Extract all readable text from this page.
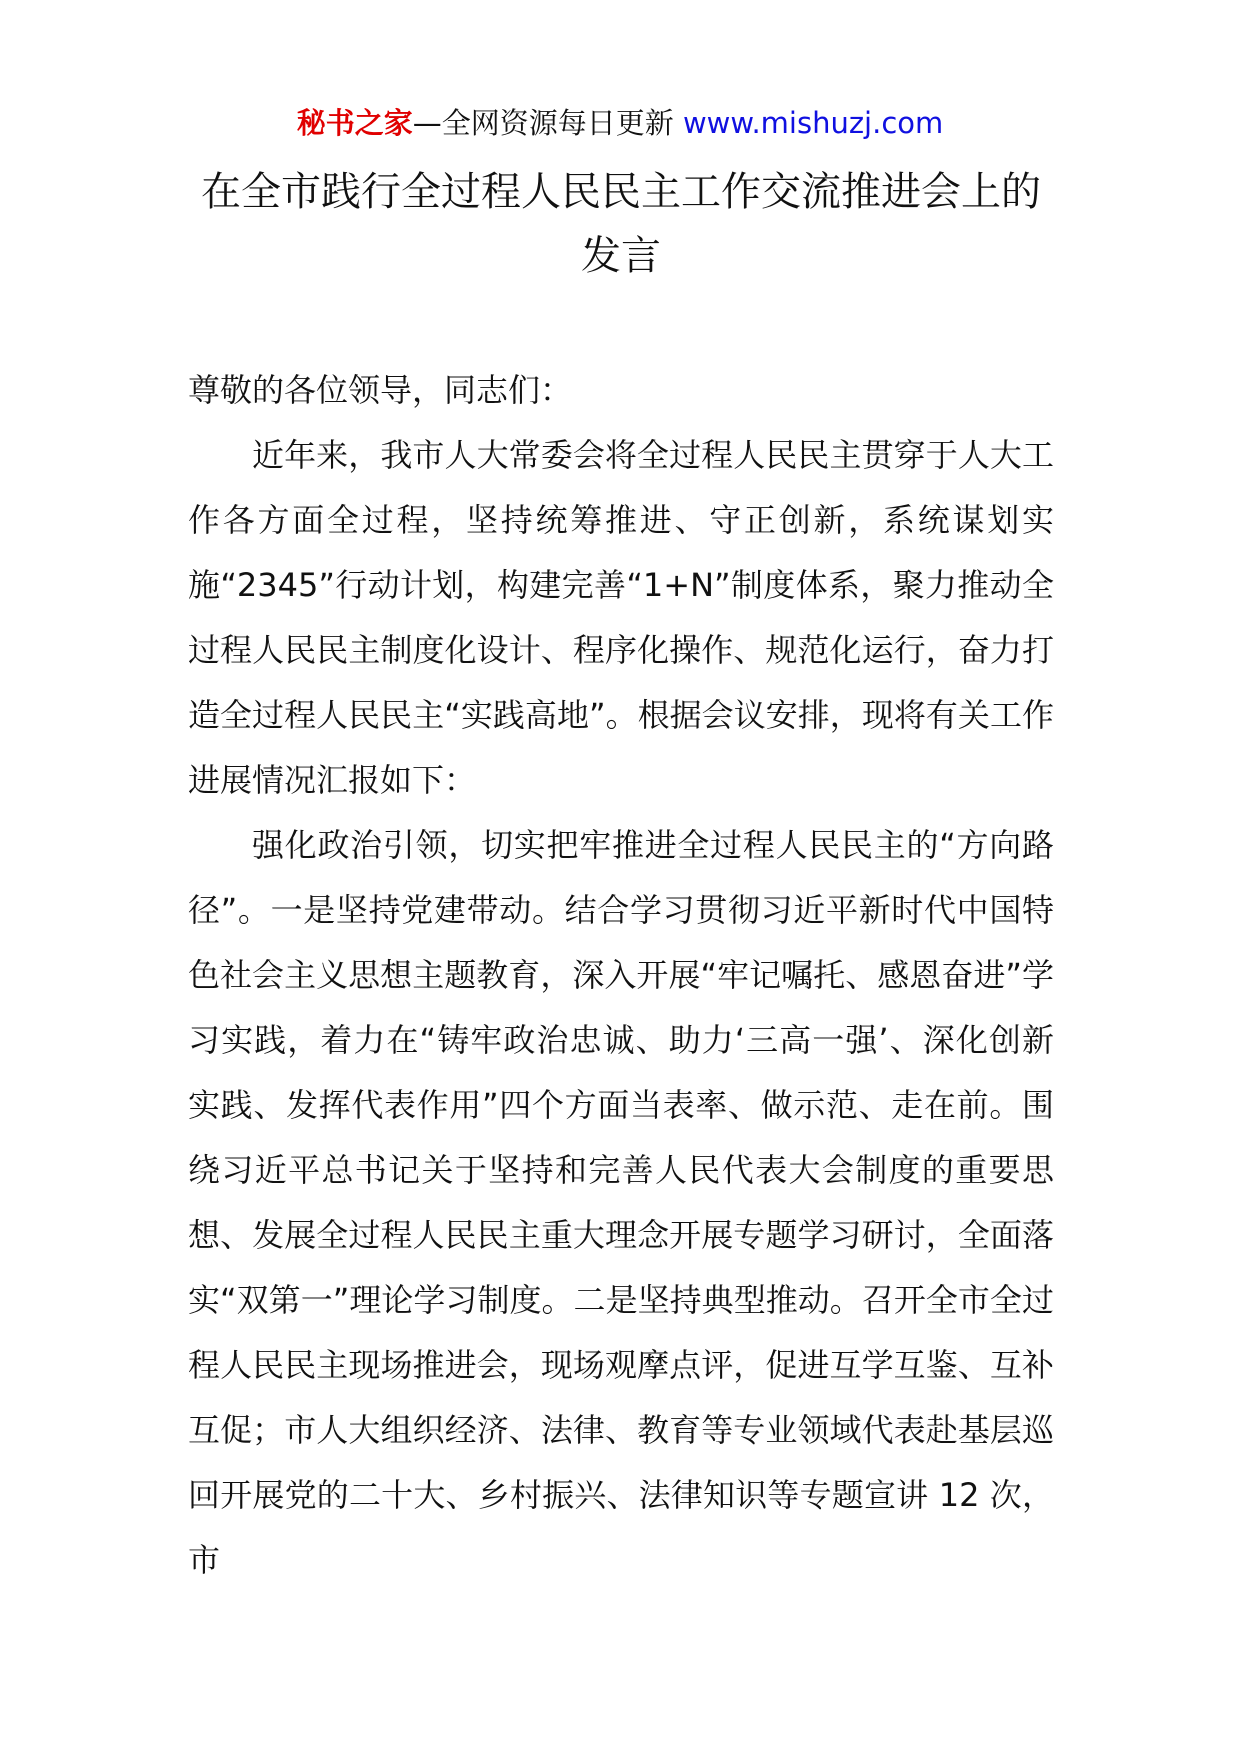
秘书之家—全网资源每日更新 www.mishuzj.com
在全市践行全过程人民民主工作交流推进会上的发言

尊敬的各位领导，同志们：

近年来，我市人大常委会将全过程人民民主贯穿于人大工作各方面全过程，坚持统筹推进、守正创新，系统谋划实施“2345”行动计划，构建完善“1+N”制度体系，聚力推动全过程人民民主制度化设计、程序化操作、规范化运行，奋力打造全过程人民民主“实践高地”。根据会议安排，现将有关工作进展情况汇报如下：

强化政治引领，切实把牢推进全过程人民民主的“方向路径”。一是坚持党建带动。结合学习贯彻习近平新时代中国特色社会主义思想主题教育，深入开展“牢记嘱托、感恩奋进”学习实践，着力在“铸牢政治忠诚、助力‘三高一强’、深化创新实践、发挥代表作用”四个方面当表率、做示范、走在前。围绕习近平总书记关于坚持和完善人民代表大会制度的重要思想、发展全过程人民民主重大理念开展专题学习研讨，全面落实“双第一”理论学习制度。二是坚持典型推动。召开全市全过程人民民主现场推进会，现场观摩点评，促进互学互鉴、互补互促；市人大组织经济、法律、教育等专业领域代表赴基层巡回开展党的二十大、乡村振兴、法律知识等专题宣讲 12 次，市
